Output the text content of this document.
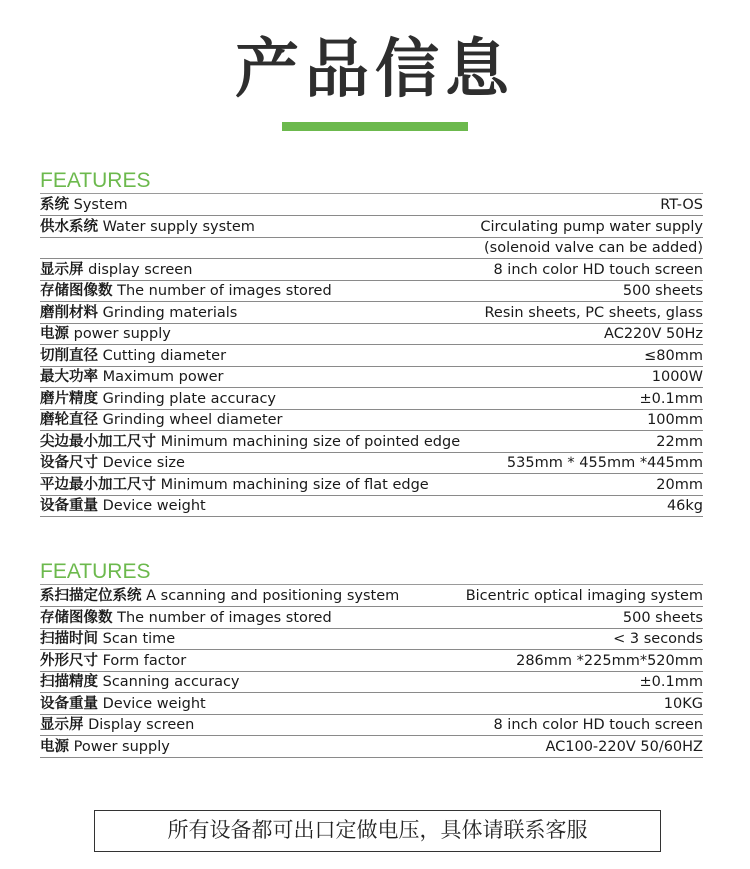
产品信息
FEATURES
系统 System	RT-OS
供水系统 Water supply system	Circulating pump water supply
	(solenoid valve can be added)
显示屏 display screen	8 inch color HD touch screen
存储图像数 The number of images stored	500 sheets
磨削材料 Grinding materials	Resin sheets, PC sheets, glass
电源 power supply	AC220V 50Hz
切削直径 Cutting diameter	≤80mm
最大功率 Maximum power	1000W
磨片精度 Grinding plate accuracy	±0.1mm
磨轮直径 Grinding wheel diameter	100mm
尖边最小加工尺寸 Minimum machining size of pointed edge	22mm
设备尺寸 Device size	535mm * 455mm *445mm
平边最小加工尺寸 Minimum machining size of flat edge	20mm
设备重量 Device weight	46kg
FEATURES
系扫描定位系统 A scanning and positioning system	Bicentric optical imaging system
存储图像数 The number of images stored	500 sheets
扫描时间 Scan time	< 3 seconds
外形尺寸 Form factor	286mm *225mm*520mm
扫描精度 Scanning accuracy	±0.1mm
设备重量 Device weight	10KG
显示屏 Display screen	8 inch color HD touch screen
电源 Power supply	AC100-220V 50/60HZ
所有设备都可出口定做电压，具体请联系客服
